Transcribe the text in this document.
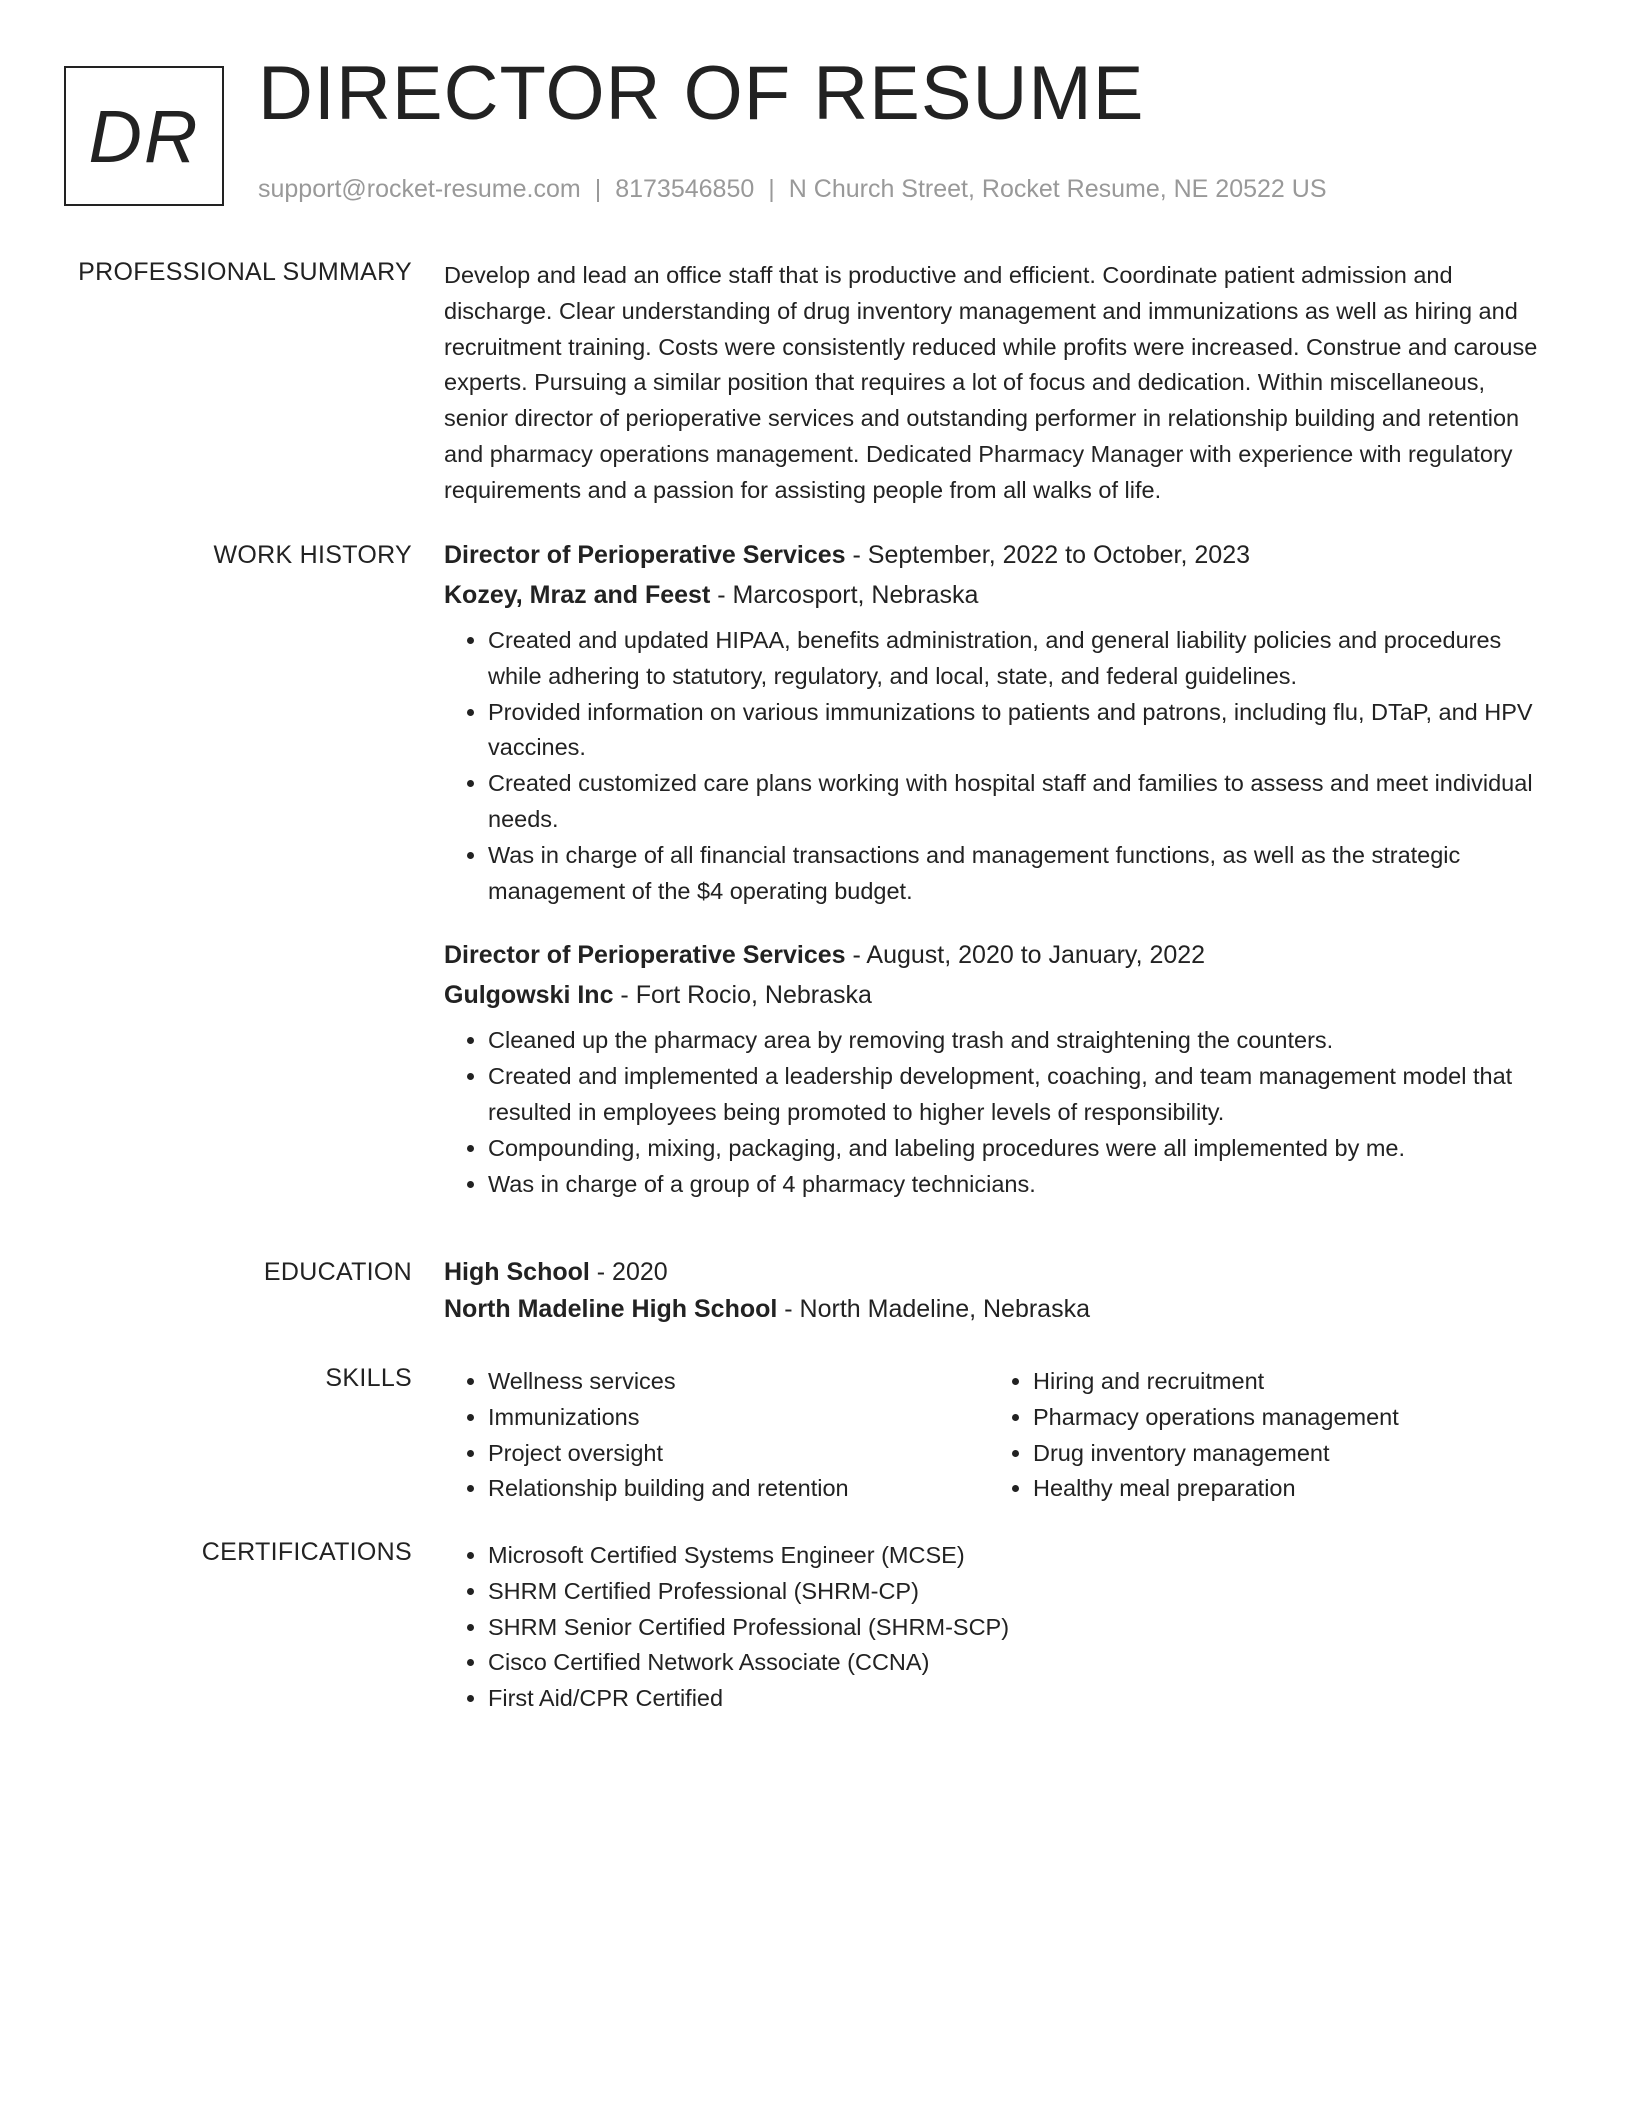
DR DIRECTOR OF RESUME
support@rocket-resume.com | 8173546850 | N Church Street, Rocket Resume, NE 20522 US
PROFESSIONAL SUMMARY Develop and lead an office staff that is productive and efficient. Coordinate patient admission and discharge. Clear understanding of drug inventory management and immunizations as well as hiring and recruitment training. Costs were consistently reduced while profits were increased. Construe and carouse experts. Pursuing a similar position that requires a lot of focus and dedication. Within miscellaneous, senior director of perioperative services and outstanding performer in relationship building and retention and pharmacy operations management. Dedicated Pharmacy Manager with experience with regulatory requirements and a passion for assisting people from all walks of life.

WORK HISTORY Director of Perioperative Services - September, 2022 to October, 2023
Kozey, Mraz and Feest - Marcosport, Nebraska
• Created and updated HIPAA, benefits administration, and general liability policies and procedures while adhering to statutory, regulatory, and local, state, and federal guidelines.
• Provided information on various immunizations to patients and patrons, including flu, DTaP, and HPV vaccines.
• Created customized care plans working with hospital staff and families to assess and meet individual needs.
• Was in charge of all financial transactions and management functions, as well as the strategic management of the $4 operating budget.
Director of Perioperative Services - August, 2020 to January, 2022
Gulgowski Inc - Fort Rocio, Nebraska
• Cleaned up the pharmacy area by removing trash and straightening the counters.
• Created and implemented a leadership development, coaching, and team management model that resulted in employees being promoted to higher levels of responsibility.
• Compounding, mixing, packaging, and labeling procedures were all implemented by me.
• Was in charge of a group of 4 pharmacy technicians.
EDUCATION High School - 2020
North Madeline High School - North Madeline, Nebraska
SKILLS	• Wellness services
• Immunizations
• Project oversight
• Relationship building and retention
• Hiring and recruitment
• Pharmacy operations management
• Drug inventory management
• Healthy meal preparation
CERTIFICATIONS	• Microsoft Certified Systems Engineer (MCSE)
• SHRM Certified Professional (SHRM-CP)
• SHRM Senior Certified Professional (SHRM-SCP)
• Cisco Certified Network Associate (CCNA)
• First Aid/CPR Certified
